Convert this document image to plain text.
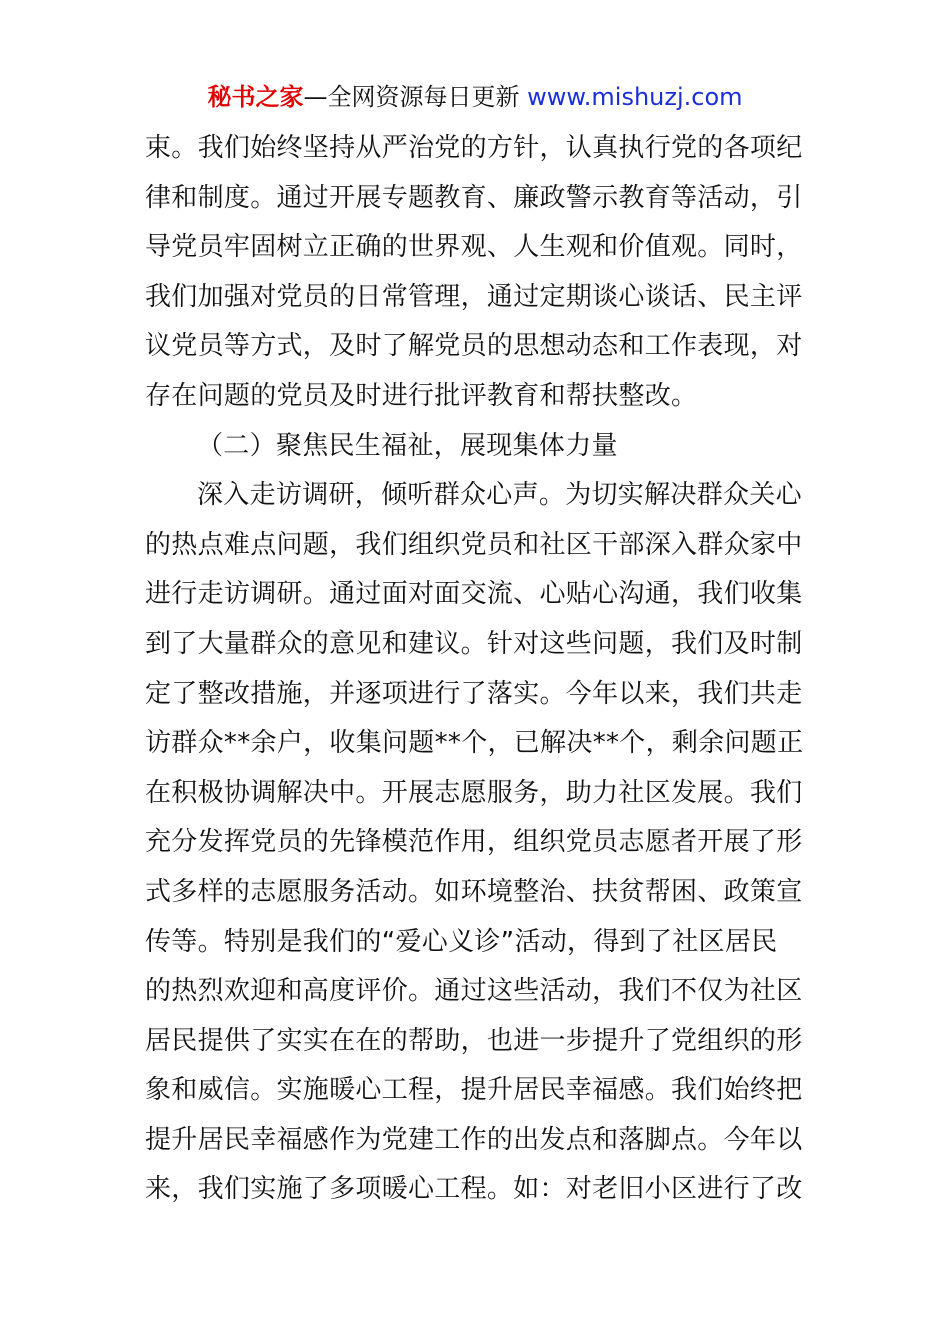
秘书之家—全网资源每日更新 www.mishuzj.com
束。我们始终坚持从严治党的方针，认真执行党的各项纪
律和制度。通过开展专题教育、廉政警示教育等活动，引
导党员牢固树立正确的世界观、人生观和价值观。同时，
我们加强对党员的日常管理，通过定期谈心谈话、民主评
议党员等方式，及时了解党员的思想动态和工作表现，对
存在问题的党员及时进行批评教育和帮扶整改。
（二）聚焦民生福祉，展现集体力量
深入走访调研，倾听群众心声。为切实解决群众关心
的热点难点问题，我们组织党员和社区干部深入群众家中
进行走访调研。通过面对面交流、心贴心沟通，我们收集
到了大量群众的意见和建议。针对这些问题，我们及时制
定了整改措施，并逐项进行了落实。今年以来，我们共走
访群众**余户，收集问题**个，已解决**个，剩余问题正
在积极协调解决中。开展志愿服务，助力社区发展。我们
充分发挥党员的先锋模范作用，组织党员志愿者开展了形
式多样的志愿服务活动。如环境整治、扶贫帮困、政策宣
传等。特别是我们的“爱心义诊”活动，得到了社区居民
的热烈欢迎和高度评价。通过这些活动，我们不仅为社区
居民提供了实实在在的帮助，也进一步提升了党组织的形
象和威信。实施暖心工程，提升居民幸福感。我们始终把
提升居民幸福感作为党建工作的出发点和落脚点。今年以
来，我们实施了多项暖心工程。如：对老旧小区进行了改
